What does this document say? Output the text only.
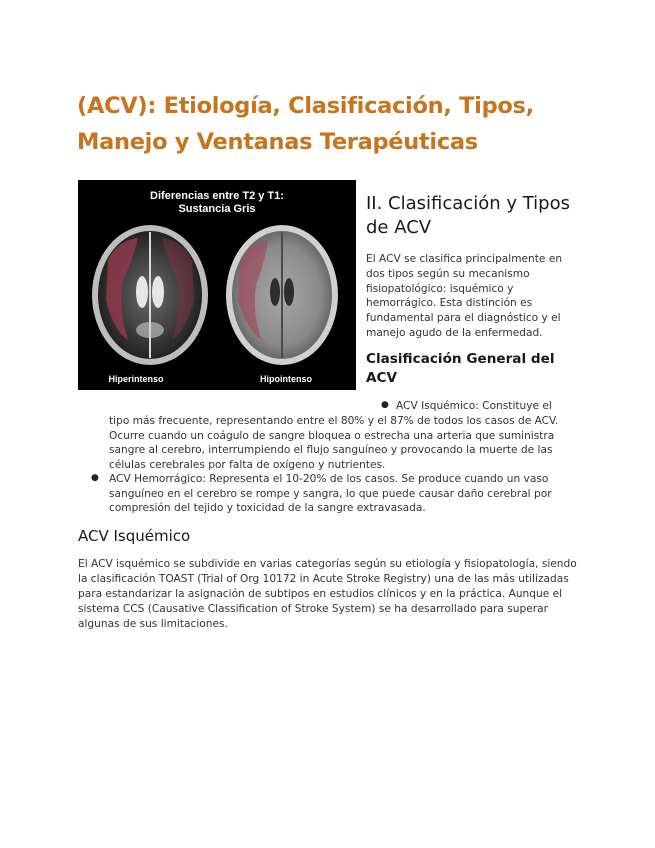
(ACV): Etiología, Clasificación, Tipos, Manejo y Ventanas Terapéuticas
Diferencias entre T2 y T1:
Sustancia Gris
Hiperintenso	Hipointenso
II. Clasificación y Tipos de ACV

El ACV se clasifica principalmente en dos tipos según su mecanismo fisiopatológico: isquémico y hemorrágico. Esta distinción es fundamental para el diagnóstico y el manejo agudo de la enfermedad.

Clasificación General del ACV
● ACV Isquémico: Constituye el

tipo más frecuente, representando entre el 80% y el 87% de todos los casos de ACV. Ocurre cuando un coágulo de sangre bloquea o estrecha una arteria que suministra sangre al cerebro, interrumpiendo el flujo sanguíneo y provocando la muerte de las células cerebrales por falta de oxígeno y nutrientes.

● ACV Hemorrágico: Representa el 10-20% de los casos. Se produce cuando un vaso sanguíneo en el cerebro se rompe y sangra, lo que puede causar daño cerebral por compresión del tejido y toxicidad de la sangre extravasada.

ACV Isquémico

El ACV isquémico se subdivide en varias categorías según su etiología y fisiopatología, siendo la clasificación TOAST (Trial of Org 10172 in Acute Stroke Registry) una de las más utilizadas para estandarizar la asignación de subtipos en estudios clínicos y en la práctica. Aunque el sistema CCS (Causative Classification of Stroke System) se ha desarrollado para superar algunas de sus limitaciones.
